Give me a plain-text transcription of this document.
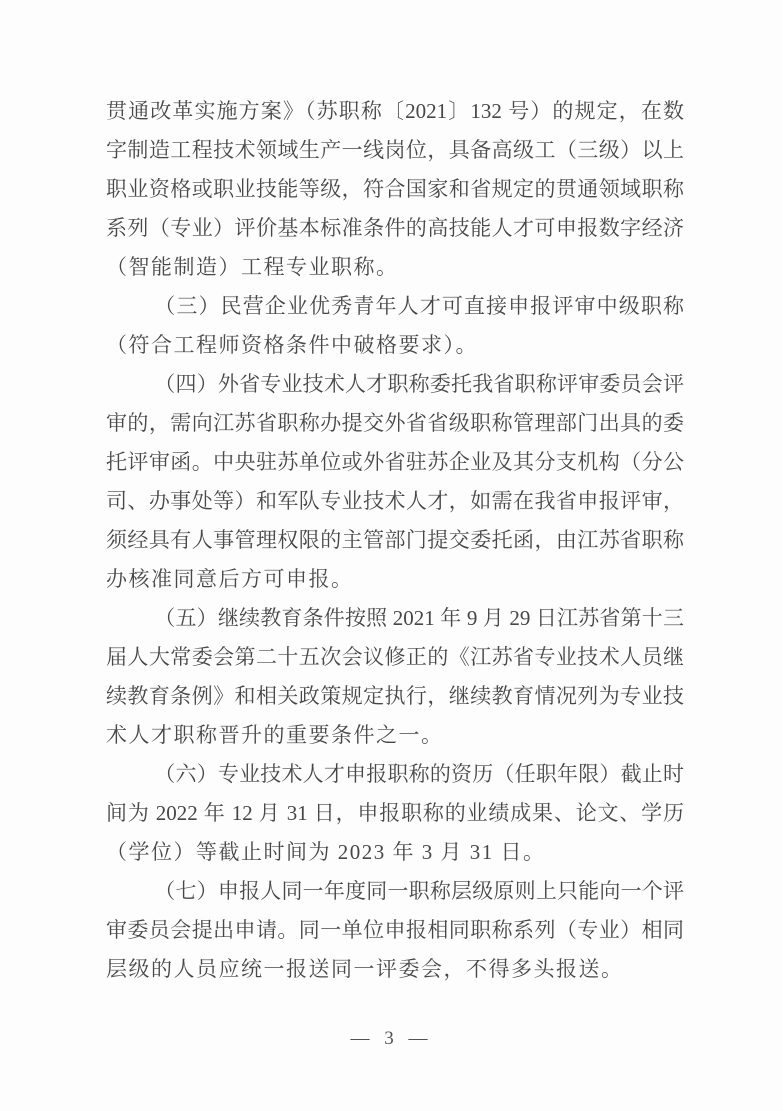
贯通改革实施方案》（苏职称〔2021〕132 号）的规定，在数
字制造工程技术领域生产一线岗位，具备高级工（三级）以上
职业资格或职业技能等级，符合国家和省规定的贯通领域职称
系列（专业）评价基本标准条件的高技能人才可申报数字经济
（智能制造）工程专业职称。
（三）民营企业优秀青年人才可直接申报评审中级职称
（符合工程师资格条件中破格要求）。
（四）外省专业技术人才职称委托我省职称评审委员会评
审的，需向江苏省职称办提交外省省级职称管理部门出具的委
托评审函。中央驻苏单位或外省驻苏企业及其分支机构（分公
司、办事处等）和军队专业技术人才，如需在我省申报评审，
须经具有人事管理权限的主管部门提交委托函，由江苏省职称
办核准同意后方可申报。
（五）继续教育条件按照 2021 年 9 月 29 日江苏省第十三
届人大常委会第二十五次会议修正的《江苏省专业技术人员继
续教育条例》和相关政策规定执行，继续教育情况列为专业技
术人才职称晋升的重要条件之一。
（六）专业技术人才申报职称的资历（任职年限）截止时
间为 2022 年 12 月 31 日，申报职称的业绩成果、论文、学历
（学位）等截止时间为 2023 年 3 月 31 日。
（七）申报人同一年度同一职称层级原则上只能向一个评
审委员会提出申请。同一单位申报相同职称系列（专业）相同
层级的人员应统一报送同一评委会，不得多头报送。
— 3 —
